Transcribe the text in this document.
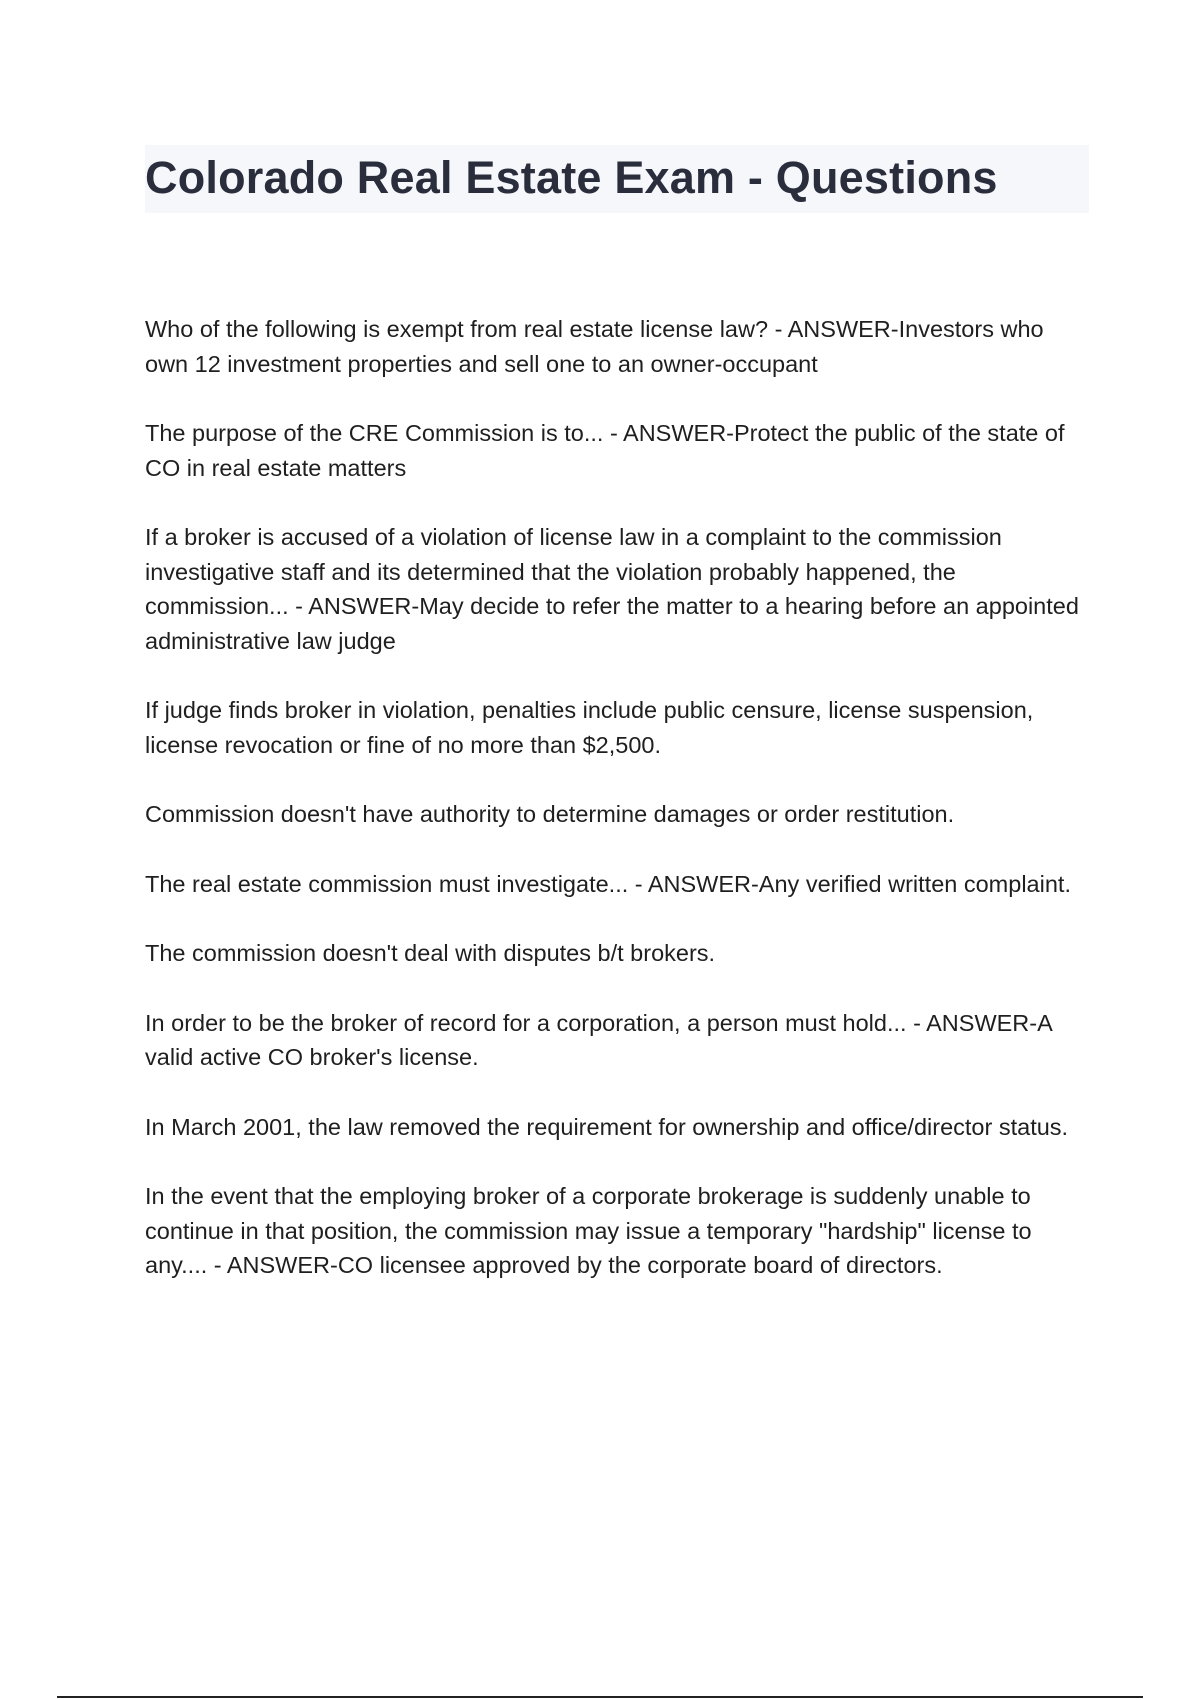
Colorado Real Estate Exam - Questions

Who of the following is exempt from real estate license law? - ANSWER-Investors who own 12 investment properties and sell one to an owner-occupant

The purpose of the CRE Commission is to... - ANSWER-Protect the public of the state of CO in real estate matters

If a broker is accused of a violation of license law in a complaint to the commission investigative staff and its determined that the violation probably happened, the commission... - ANSWER-May decide to refer the matter to a hearing before an appointed administrative law judge

If judge finds broker in violation, penalties include public censure, license suspension, license revocation or fine of no more than $2,500.

Commission doesn't have authority to determine damages or order restitution.

The real estate commission must investigate... - ANSWER-Any verified written complaint.

The commission doesn't deal with disputes b/t brokers.

In order to be the broker of record for a corporation, a person must hold... - ANSWER-A valid active CO broker's license.

In March 2001, the law removed the requirement for ownership and office/director status.

In the event that the employing broker of a corporate brokerage is suddenly unable to continue in that position, the commission may issue a temporary "hardship" license to any.... - ANSWER-CO licensee approved by the corporate board of directors.
